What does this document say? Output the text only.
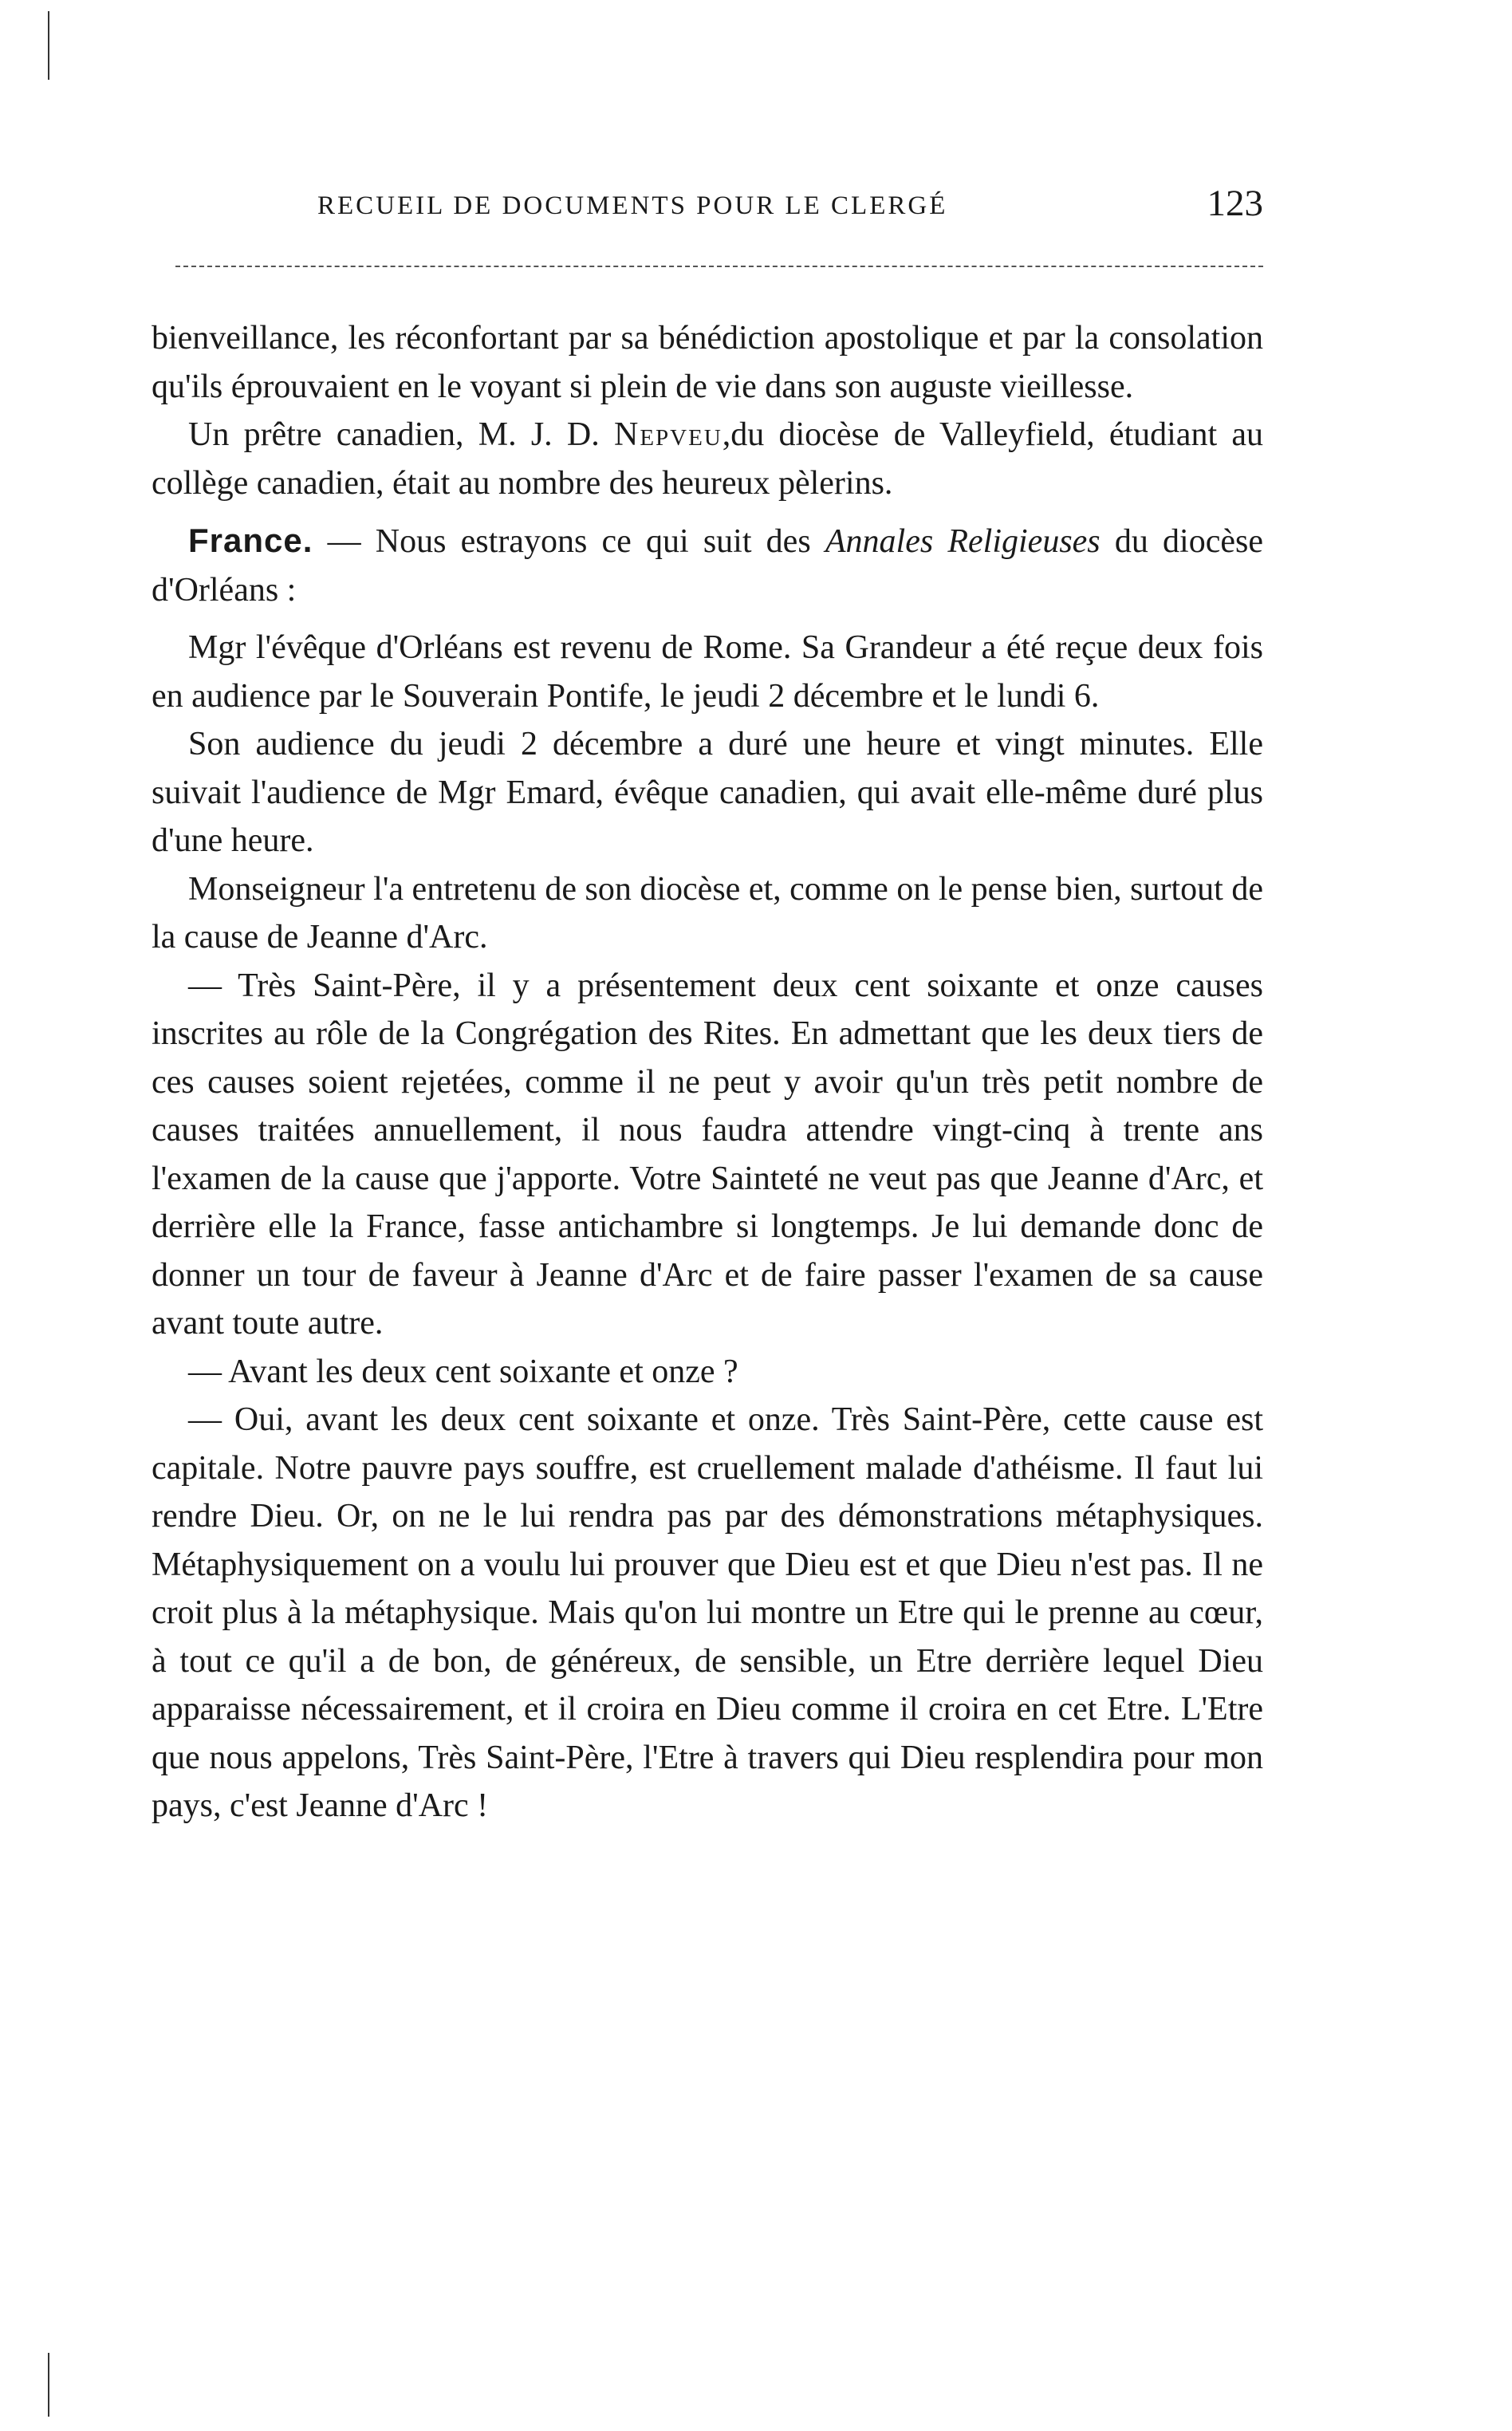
RECUEIL DE DOCUMENTS POUR LE CLERGÉ	123

bienveillance, les réconfortant par sa bénédiction apostolique et par la consolation qu'ils éprouvaient en le voyant si plein de vie dans son auguste vieillesse.

Un prêtre canadien, M. J. D. Nepveu,du diocèse de Valleyfield, étudiant au collège canadien, était au nombre des heureux pèlerins.

France. — Nous estrayons ce qui suit des Annales Religieuses du diocèse d'Orléans :

Mgr l'évêque d'Orléans est revenu de Rome. Sa Grandeur a été reçue deux fois en audience par le Souverain Pontife, le jeudi 2 décembre et le lundi 6.

Son audience du jeudi 2 décembre a duré une heure et vingt minutes. Elle suivait l'audience de Mgr Emard, évêque canadien, qui avait elle-même duré plus d'une heure.

Monseigneur l'a entretenu de son diocèse et, comme on le pense bien, surtout de la cause de Jeanne d'Arc.

— Très Saint-Père, il y a présentement deux cent soixante et onze causes inscrites au rôle de la Congrégation des Rites. En admettant que les deux tiers de ces causes soient rejetées, comme il ne peut y avoir qu'un très petit nombre de causes traitées annuellement, il nous faudra attendre vingt-cinq à trente ans l'examen de la cause que j'apporte. Votre Sainteté ne veut pas que Jeanne d'Arc, et derrière elle la France, fasse antichambre si longtemps. Je lui demande donc de donner un tour de faveur à Jeanne d'Arc et de faire passer l'examen de sa cause avant toute autre.

— Avant les deux cent soixante et onze ?

— Oui, avant les deux cent soixante et onze. Très Saint-Père, cette cause est capitale. Notre pauvre pays souffre, est cruellement malade d'athéisme. Il faut lui rendre Dieu. Or, on ne le lui rendra pas par des démonstrations métaphysiques. Métaphysiquement on a voulu lui prouver que Dieu est et que Dieu n'est pas. Il ne croit plus à la métaphysique. Mais qu'on lui montre un Etre qui le prenne au cœur, à tout ce qu'il a de bon, de généreux, de sensible, un Etre derrière lequel Dieu apparaisse nécessairement, et il croira en Dieu comme il croira en cet Etre. L'Etre que nous appelons, Très Saint-Père, l'Etre à travers qui Dieu resplendira pour mon pays, c'est Jeanne d'Arc !
